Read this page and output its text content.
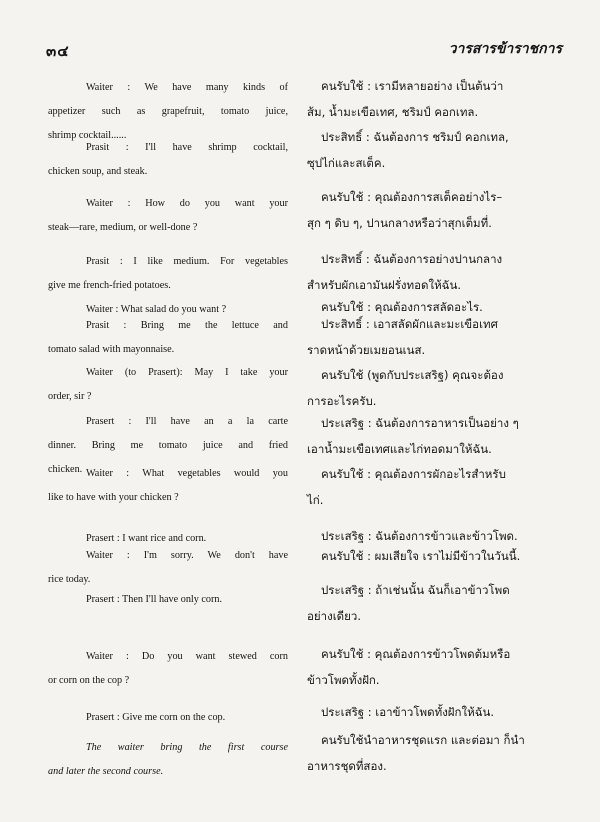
๓๔	วารสารข้าราชการ

Waiter : We have many kinds of

appetizer such as grapefruit, tomato juice,

shrimp cocktail......

Prasit : I'll have shrimp cocktail,

chicken soup, and steak.

Waiter : How do you want your

steak—rare, medium, or well-done ?

Prasit : I like medium. For vegetables

give me french-fried potatoes.

Waiter : What salad do you want ?

Prasit : Bring me the lettuce and

tomato salad with mayonnaise.

Waiter (to Prasert): May I take your

order, sir ?

Prasert : I'll have an a la carte

dinner. Bring me tomato juice and fried

chicken. Waiter : What vegetables would you

like to have with your chicken ?

Prasert : I want rice and corn.

Waiter : I'm sorry. We don't have

rice today.

Prasert : Then I'll have only corn.

Waiter : Do you want stewed corn

or corn on the cop ?

Prasert : Give me corn on the cop.

The waiter bring the first course

and later the second course.

คนรับใช้ : เรามีหลายอย่าง เป็นต้นว่า

ส้ม, น้ำมะเขือเทศ, ชริมป์ คอกเทล.

ประสิทธิ์ : ฉันต้องการ ชริมป์ คอกเทล,

ซุปไก่และสเต็ค.

คนรับใช้ : คุณต้องการสเต็คอย่างไร–

สุก ๆ ดิบ ๆ, ปานกลางหรือว่าสุกเต็มที่.

ประสิทธิ์ : ฉันต้องการอย่างปานกลาง

สำหรับผักเอามันฝรั่งทอดให้ฉัน.

คนรับใช้ : คุณต้องการสลัดอะไร.

ประสิทธิ์ : เอาสลัดผักและมะเขือเทศ

ราดหน้าด้วยเมยอนเนส.

คนรับใช้ (พูดกับประเสริฐ) คุณจะต้อง

การอะไรครับ.

ประเสริฐ : ฉันต้องการอาหารเป็นอย่าง ๆ

เอาน้ำมะเขือเทศและไก่ทอดมาให้ฉัน.

คนรับใช้ : คุณต้องการผักอะไรสำหรับ

ไก่.

ประเสริฐ : ฉันต้องการข้าวและข้าวโพด.

คนรับใช้ : ผมเสียใจ เราไม่มีข้าวในวันนี้.

ประเสริฐ : ถ้าเช่นนั้น ฉันก็เอาข้าวโพด

อย่างเดียว.

คนรับใช้ : คุณต้องการข้าวโพดต้มหรือ

ข้าวโพดทั้งฝัก.

ประเสริฐ : เอาข้าวโพดทั้งฝักให้ฉัน.

คนรับใช้นำอาหารชุดแรก และต่อมา ก็นำ

อาหารชุดที่สอง.
